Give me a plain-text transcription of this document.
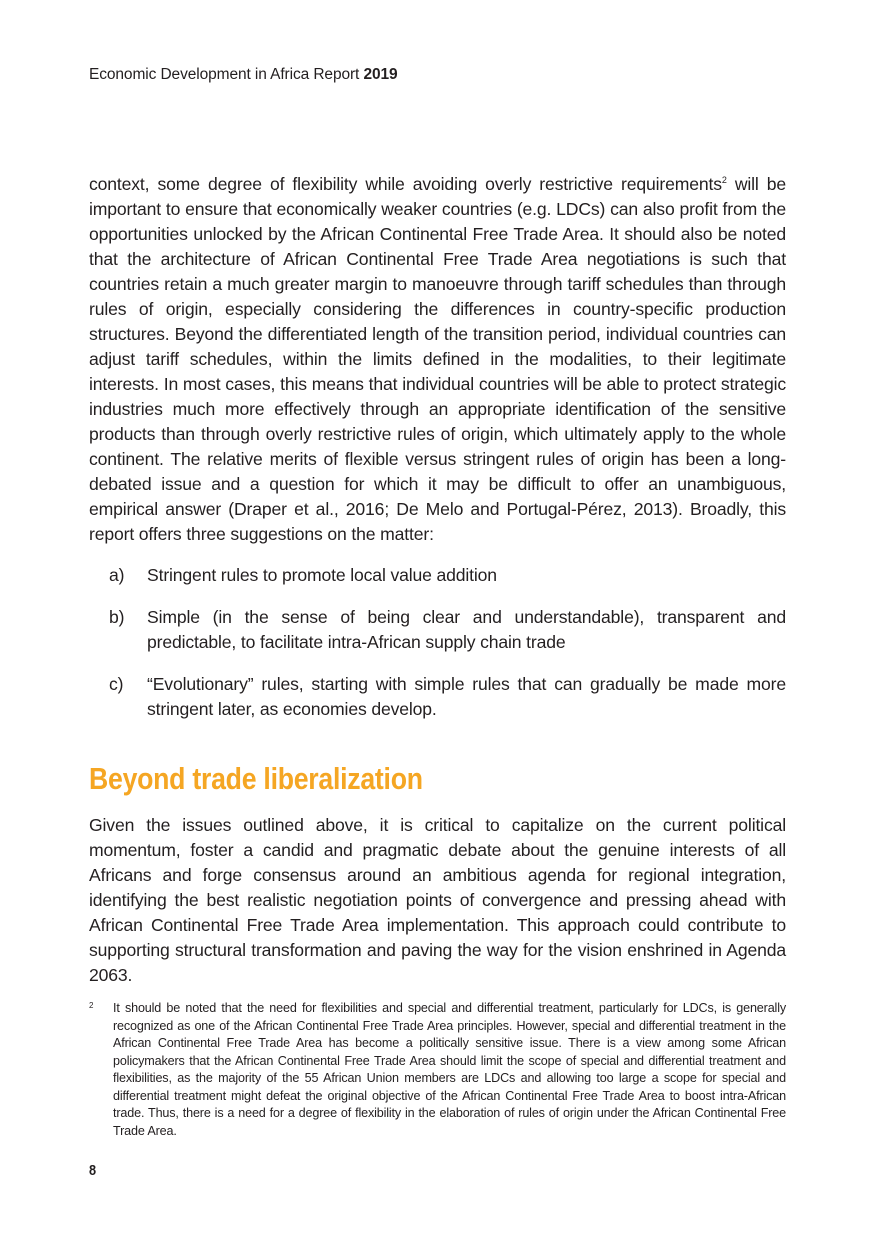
Economic Development in Africa Report 2019

context, some degree of flexibility while avoiding overly restrictive requirements$^2$ will be important to ensure that economically weaker countries (e.g. LDCs) can also profit from the opportunities unlocked by the African Continental Free Trade Area. It should also be noted that the architecture of African Continental Free Trade Area negotiations is such that countries retain a much greater margin to manoeuvre through tariff schedules than through rules of origin, especially considering the differences in country-specific production structures. Beyond the differentiated length of the transition period, individual countries can adjust tariff schedules, within the limits defined in the modalities, to their legitimate interests. In most cases, this means that individual countries will be able to protect strategic industries much more effectively through an appropriate identification of the sensitive products than through overly restrictive rules of origin, which ultimately apply to the whole continent. The relative merits of flexible versus stringent rules of origin has been a long-debated issue and a question for which it may be difficult to offer an unambiguous, empirical answer (Draper et al., 2016; De Melo and Portugal-Pérez, 2013). Broadly, this report offers three suggestions on the matter:

a)	Stringent rules to promote local value addition
b)	Simple (in the sense of being clear and understandable), transparent and predictable, to facilitate intra-African supply chain trade
c)	“Evolutionary” rules, starting with simple rules that can gradually be made more stringent later, as economies develop.
Beyond trade liberalization

Given the issues outlined above, it is critical to capitalize on the current political momentum, foster a candid and pragmatic debate about the genuine interests of all Africans and forge consensus around an ambitious agenda for regional integration, identifying the best realistic negotiation points of convergence and pressing ahead with African Continental Free Trade Area implementation. This approach could contribute to supporting structural transformation and paving the way for the vision enshrined in Agenda 2063.

2	It should be noted that the need for flexibilities and special and differential treatment, particularly for LDCs, is generally recognized as one of the African Continental Free Trade Area principles. However, special and differential treatment in the African Continental Free Trade Area has become a politically sensitive issue. There is a view among some African policymakers that the African Continental Free Trade Area should limit the scope of special and differential treatment and flexibilities, as the majority of the 55 African Union members are LDCs and allowing too large a scope for special and differential treatment might defeat the original objective of the African Continental Free Trade Area to boost intra-African trade. Thus, there is a need for a degree of flexibility in the elaboration of rules of origin under the African Continental Free Trade Area.
8
